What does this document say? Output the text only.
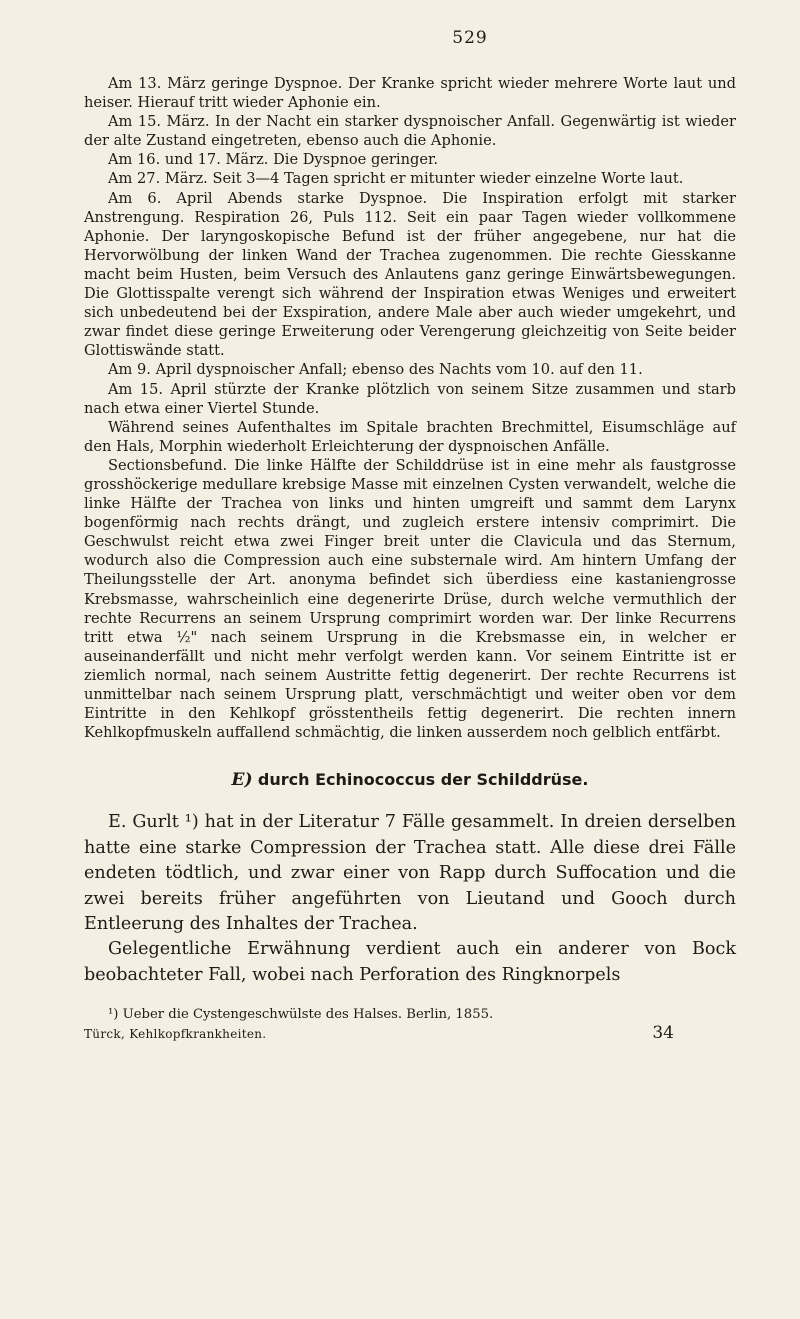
529

Am 13. März geringe Dyspnoe. Der Kranke spricht wieder mehrere Worte laut und heiser. Hierauf tritt wieder Aphonie ein.

Am 15. März. In der Nacht ein starker dyspnoischer Anfall. Gegenwärtig ist wieder der alte Zustand eingetreten, ebenso auch die Aphonie.

Am 16. und 17. März. Die Dyspnoe geringer.

Am 27. März. Seit 3—4 Tagen spricht er mitunter wieder einzelne Worte laut.

Am 6. April Abends starke Dyspnoe. Die Inspiration erfolgt mit starker Anstrengung. Respiration 26, Puls 112. Seit ein paar Tagen wieder vollkommene Aphonie. Der laryngoskopische Befund ist der früher angegebene, nur hat die Hervorwölbung der linken Wand der Trachea zugenommen. Die rechte Giesskanne macht beim Husten, beim Versuch des Anlautens ganz geringe Einwärtsbewegungen. Die Glottisspalte verengt sich während der Inspiration etwas Weniges und erweitert sich unbedeutend bei der Exspiration, andere Male aber auch wieder umgekehrt, und zwar findet diese geringe Erweiterung oder Verengerung gleichzeitig von Seite beider Glottiswände statt.

Am 9. April dyspnoischer Anfall; ebenso des Nachts vom 10. auf den 11.

Am 15. April stürzte der Kranke plötzlich von seinem Sitze zusammen und starb nach etwa einer Viertel Stunde.

Während seines Aufenthaltes im Spitale brachten Brechmittel, Eisumschläge auf den Hals, Morphin wiederholt Erleichterung der dyspnoischen Anfälle.

Sectionsbefund. Die linke Hälfte der Schilddrüse ist in eine mehr als faustgrosse grosshöckerige medullare krebsige Masse mit einzelnen Cysten verwandelt, welche die linke Hälfte der Trachea von links und hinten umgreift und sammt dem Larynx bogenförmig nach rechts drängt, und zugleich erstere intensiv comprimirt. Die Geschwulst reicht etwa zwei Finger breit unter die Clavicula und das Sternum, wodurch also die Compression auch eine substernale wird. Am hintern Umfang der Theilungsstelle der Art. anonyma befindet sich überdiess eine kastaniengrosse Krebsmasse, wahrscheinlich eine degenerirte Drüse, durch welche vermuthlich der rechte Recurrens an seinem Ursprung comprimirt worden war. Der linke Recurrens tritt etwa ½" nach seinem Ursprung in die Krebsmasse ein, in welcher er auseinanderfällt und nicht mehr verfolgt werden kann. Vor seinem Eintritte ist er ziemlich normal, nach seinem Austritte fettig degenerirt. Der rechte Recurrens ist unmittelbar nach seinem Ursprung platt, verschmächtigt und weiter oben vor dem Eintritte in den Kehlkopf grösstentheils fettig degenerirt. Die rechten innern Kehlkopfmuskeln auffallend schmächtig, die linken ausserdem noch gelblich entfärbt.

E) durch Echinococcus der Schilddrüse.

E. Gurlt ¹) hat in der Literatur 7 Fälle gesammelt. In dreien derselben hatte eine starke Compression der Trachea statt. Alle diese drei Fälle endeten tödtlich, und zwar einer von Rapp durch Suffocation und die zwei bereits früher angeführten von Lieutand und Gooch durch Entleerung des Inhaltes der Trachea.

Gelegentliche Erwähnung verdient auch ein anderer von Bock beobachteter Fall, wobei nach Perforation des Ringknorpels

¹) Ueber die Cystengeschwülste des Halses. Berlin, 1855.

Türck, Kehlkopfkrankheiten.	34
